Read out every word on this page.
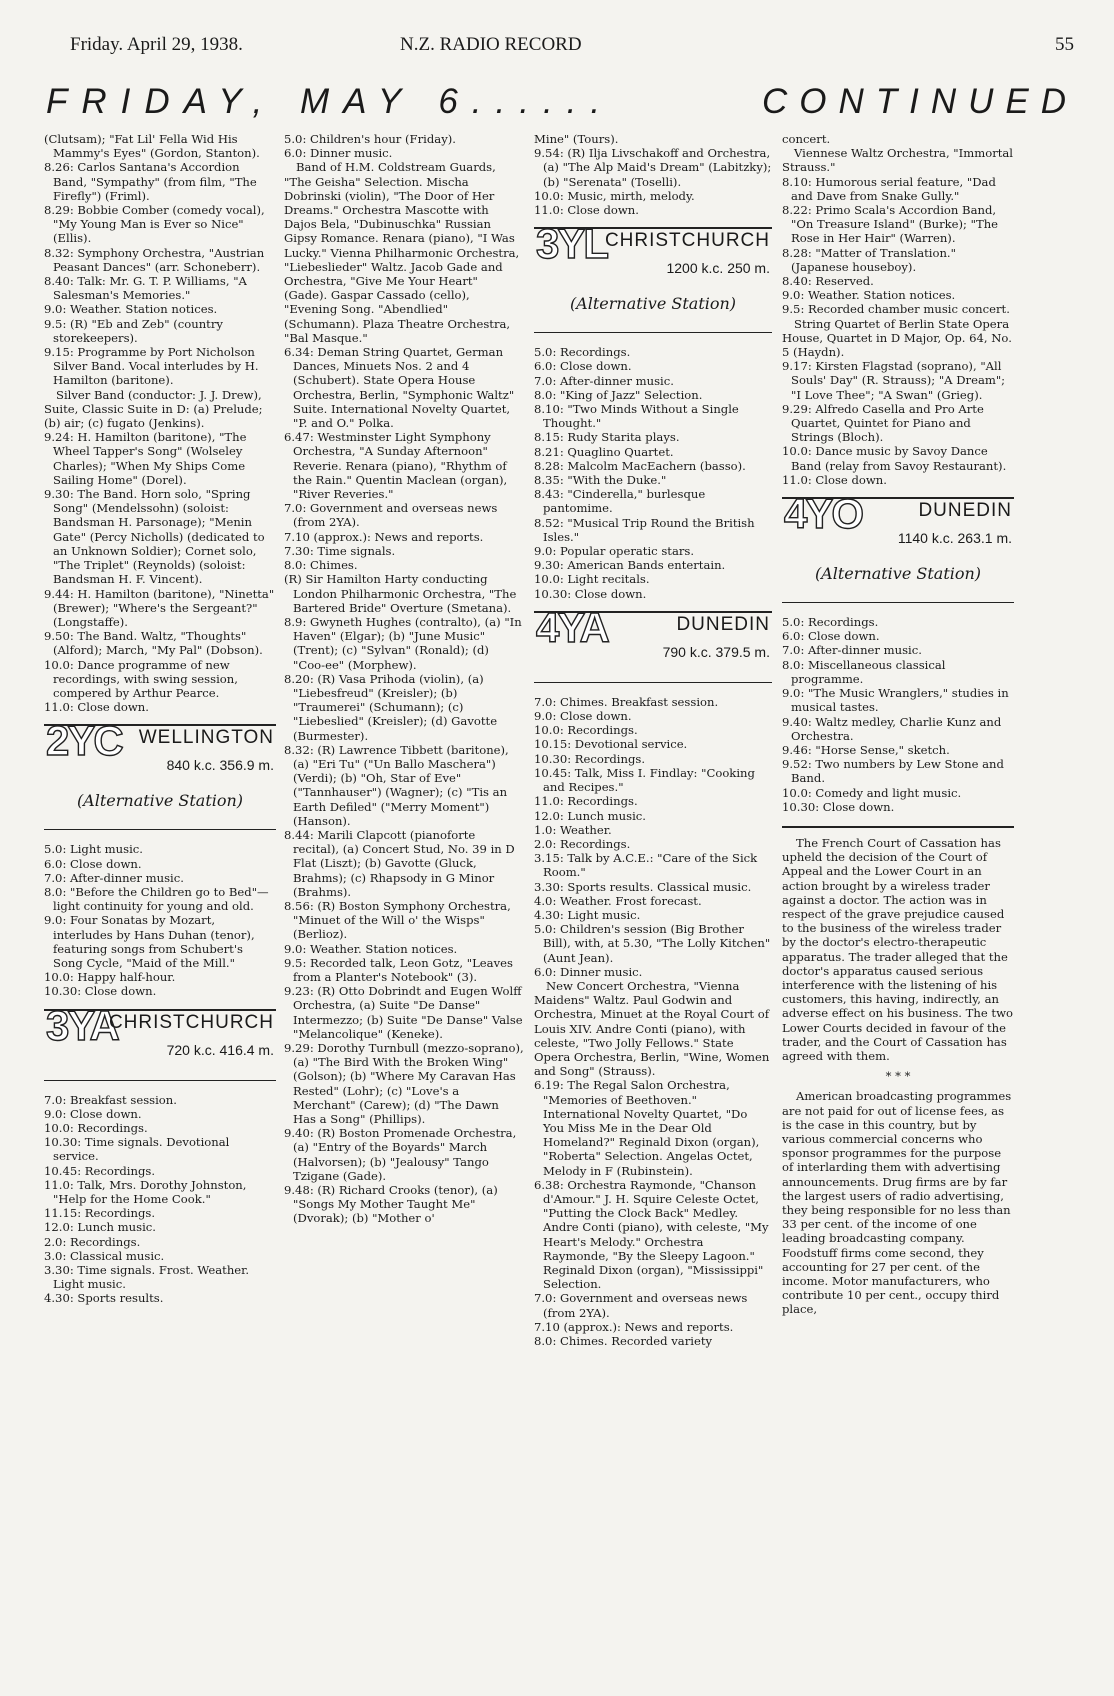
Friday. April 29, 1938.	N.Z. RADIO RECORD	55
FRIDAY, MAY 6......	CONTINUED

(Clutsam); "Fat Lil' Fella Wid His Mammy's Eyes" (Gordon, Stanton).

8.26: Carlos Santana's Accordion Band, "Sympathy" (from film, "The Firefly") (Friml).

8.29: Bobbie Comber (comedy vocal), "My Young Man is Ever so Nice" (Ellis).

8.32: Symphony Orchestra, "Austrian Peasant Dances" (arr. Schoneberr).

8.40: Talk: Mr. G. T. P. Williams, "A Salesman's Memories."

9.0: Weather. Station notices.

9.5: (R) "Eb and Zeb" (country storekeepers).

9.15: Programme by Port Nicholson Silver Band. Vocal interludes by H. Hamilton (baritone).

Silver Band (conductor: J. J. Drew), Suite, Classic Suite in D: (a) Prelude; (b) air; (c) fugato (Jenkins).

9.24: H. Hamilton (baritone), "The Wheel Tapper's Song" (Wolseley Charles); "When My Ships Come Sailing Home" (Dorel).

9.30: The Band. Horn solo, "Spring Song" (Mendelssohn) (soloist: Bandsman H. Parsonage); "Menin Gate" (Percy Nicholls) (dedicated to an Unknown Soldier); Cornet solo, "The Triplet" (Reynolds) (soloist: Bandsman H. F. Vincent).

9.44: H. Hamilton (baritone), "Ninetta" (Brewer); "Where's the Sergeant?" (Longstaffe).

9.50: The Band. Waltz, "Thoughts" (Alford); March, "My Pal" (Dobson).

10.0: Dance programme of new recordings, with swing session, compered by Arthur Pearce.

11.0: Close down.

2YC WELLINGTON
840 k.c. 356.9 m.
(Alternative Station)

5.0: Light music.

6.0: Close down.

7.0: After-dinner music.

8.0: "Before the Children go to Bed"—light continuity for young and old.

9.0: Four Sonatas by Mozart, interludes by Hans Duhan (tenor), featuring songs from Schubert's Song Cycle, "Maid of the Mill."

10.0: Happy half-hour.

10.30: Close down.

3YA
CHRISTCHURCH
720 k.c. 416.4 m.

7.0: Breakfast session.

9.0: Close down.

10.0: Recordings.

10.30: Time signals. Devotional service.

10.45: Recordings.

11.0: Talk, Mrs. Dorothy Johnston, "Help for the Home Cook."

11.15: Recordings.

12.0: Lunch music.

2.0: Recordings.

3.0: Classical music.

3.30: Time signals. Frost. Weather. Light music.

4.30: Sports results.

5.0: Children's hour (Friday).

6.0: Dinner music.

Band of H.M. Coldstream Guards, "The Geisha" Selection. Mischa Dobrinski (violin), "The Door of Her Dreams." Orchestra Mascotte with Dajos Bela, "Dubinuschka" Russian Gipsy Romance. Renara (piano), "I Was Lucky." Vienna Philharmonic Orchestra, "Liebeslieder" Waltz. Jacob Gade and Orchestra, "Give Me Your Heart" (Gade). Gaspar Cassado (cello), "Evening Song. "Abendlied" (Schumann). Plaza Theatre Orchestra, "Bal Masque."

6.34: Deman String Quartet, German Dances, Minuets Nos. 2 and 4 (Schubert). State Opera House Orchestra, Berlin, "Symphonic Waltz" Suite. International Novelty Quartet, "P. and O." Polka.

6.47: Westminster Light Symphony Orchestra, "A Sunday Afternoon" Reverie. Renara (piano), "Rhythm of the Rain." Quentin Maclean (organ), "River Reveries."

7.0: Government and overseas news (from 2YA).

7.10 (approx.): News and reports.

7.30: Time signals.

8.0: Chimes.

(R) Sir Hamilton Harty conducting London Philharmonic Orchestra, "The Bartered Bride" Overture (Smetana).

8.9: Gwyneth Hughes (contralto), (a) "In Haven" (Elgar); (b) "June Music" (Trent); (c) "Sylvan" (Ronald); (d) "Coo-ee" (Morphew).

8.20: (R) Vasa Prihoda (violin), (a) "Liebesfreud" (Kreisler); (b) "Traumerei" (Schumann); (c) "Liebeslied" (Kreisler); (d) Gavotte (Burmester).

8.32: (R) Lawrence Tibbett (baritone), (a) "Eri Tu" ("Un Ballo Maschera") (Verdi); (b) "Oh, Star of Eve" ("Tannhauser") (Wagner); (c) "Tis an Earth Defiled" ("Merry Moment") (Hanson).

8.44: Marili Clapcott (pianoforte recital), (a) Concert Stud, No. 39 in D Flat (Liszt); (b) Gavotte (Gluck, Brahms); (c) Rhapsody in G Minor (Brahms).

8.56: (R) Boston Symphony Orchestra, "Minuet of the Will o' the Wisps" (Berlioz).

9.0: Weather. Station notices.

9.5: Recorded talk, Leon Gotz, "Leaves from a Planter's Notebook" (3).

9.23: (R) Otto Dobrindt and Eugen Wolff Orchestra, (a) Suite "De Danse" Intermezzo; (b) Suite "De Danse" Valse "Melancolique" (Keneke).

9.29: Dorothy Turnbull (mezzo-soprano), (a) "The Bird With the Broken Wing" (Golson); (b) "Where My Caravan Has Rested" (Lohr); (c) "Love's a Merchant" (Carew); (d) "The Dawn Has a Song" (Phillips).

9.40: (R) Boston Promenade Orchestra, (a) "Entry of the Boyards" March (Halvorsen); (b) "Jealousy" Tango Tzigane (Gade).

9.48: (R) Richard Crooks (tenor), (a) "Songs My Mother Taught Me" (Dvorak); (b) "Mother o'

Mine" (Tours).

9.54: (R) Ilja Livschakoff and Orchestra, (a) "The Alp Maid's Dream" (Labitzky); (b) "Serenata" (Toselli).

10.0: Music, mirth, melody.

11.0: Close down.

3YL
CHRISTCHURCH
1200 k.c. 250 m.
(Alternative Station)

5.0: Recordings.

6.0: Close down.

7.0: After-dinner music.

8.0: "King of Jazz" Selection.

8.10: "Two Minds Without a Single Thought."

8.15: Rudy Starita plays.

8.21: Quaglino Quartet.

8.28: Malcolm MacEachern (basso).

8.35: "With the Duke."

8.43: "Cinderella," burlesque pantomime.

8.52: "Musical Trip Round the British Isles."

9.0: Popular operatic stars.

9.30: American Bands entertain.

10.0: Light recitals.

10.30: Close down.

4YA	DUNEDIN
790 k.c. 379.5 m.

7.0: Chimes. Breakfast session.

9.0: Close down.

10.0: Recordings.

10.15: Devotional service.

10.30: Recordings.

10.45: Talk, Miss I. Findlay: "Cooking and Recipes."

11.0: Recordings.

12.0: Lunch music.

1.0: Weather.

2.0: Recordings.

3.15: Talk by A.C.E.: "Care of the Sick Room."

3.30: Sports results. Classical music.

4.0: Weather. Frost forecast.

4.30: Light music.

5.0: Children's session (Big Brother Bill), with, at 5.30, "The Lolly Kitchen" (Aunt Jean).

6.0: Dinner music.

New Concert Orchestra, "Vienna Maidens" Waltz. Paul Godwin and Orchestra, Minuet at the Royal Court of Louis XIV. Andre Conti (piano), with celeste, "Two Jolly Fellows." State Opera Orchestra, Berlin, "Wine, Women and Song" (Strauss).

6.19: The Regal Salon Orchestra, "Memories of Beethoven." International Novelty Quartet, "Do You Miss Me in the Dear Old Homeland?" Reginald Dixon (organ), "Roberta" Selection. Angelas Octet, Melody in F (Rubinstein).

6.38: Orchestra Raymonde, "Chanson d'Amour." J. H. Squire Celeste Octet, "Putting the Clock Back" Medley. Andre Conti (piano), with celeste, "My Heart's Melody." Orchestra Raymonde, "By the Sleepy Lagoon." Reginald Dixon (organ), "Mississippi" Selection.

7.0: Government and overseas news (from 2YA).

7.10 (approx.): News and reports.

8.0: Chimes. Recorded variety

concert.

Viennese Waltz Orchestra, "Immortal Strauss."

8.10: Humorous serial feature, "Dad and Dave from Snake Gully."

8.22: Primo Scala's Accordion Band, "On Treasure Island" (Burke); "The Rose in Her Hair" (Warren).

8.28: "Matter of Translation." (Japanese houseboy).

8.40: Reserved.

9.0: Weather. Station notices.

9.5: Recorded chamber music concert.

String Quartet of Berlin State Opera House, Quartet in D Major, Op. 64, No. 5 (Haydn).

9.17: Kirsten Flagstad (soprano), "All Souls' Day" (R. Strauss); "A Dream"; "I Love Thee"; "A Swan" (Grieg).

9.29: Alfredo Casella and Pro Arte Quartet, Quintet for Piano and Strings (Bloch).

10.0: Dance music by Savoy Dance Band (relay from Savoy Restaurant).

11.0: Close down.

4YO	DUNEDIN
1140 k.c. 263.1 m.
(Alternative Station)

5.0: Recordings.

6.0: Close down.

7.0: After-dinner music.

8.0: Miscellaneous classical programme.

9.0: "The Music Wranglers," studies in musical tastes.

9.40: Waltz medley, Charlie Kunz and Orchestra.

9.46: "Horse Sense," sketch.

9.52: Two numbers by Lew Stone and Band.

10.0: Comedy and light music.

10.30: Close down.

The French Court of Cassation has upheld the decision of the Court of Appeal and the Lower Court in an action brought by a wireless trader against a doctor. The action was in respect of the grave prejudice caused to the business of the wireless trader by the doctor's electro-therapeutic apparatus. The trader alleged that the doctor's apparatus caused serious interference with the listening of his customers, this having, indirectly, an adverse effect on his business. The two Lower Courts decided in favour of the trader, and the Court of Cassation has agreed with them.

* * *

American broadcasting programmes are not paid for out of license fees, as is the case in this country, but by various commercial concerns who sponsor programmes for the purpose of interlarding them with advertising announcements. Drug firms are by far the largest users of radio advertising, they being responsible for no less than 33 per cent. of the income of one leading broadcasting company. Foodstuff firms come second, they accounting for 27 per cent. of the income. Motor manufacturers, who contribute 10 per cent., occupy third place,
